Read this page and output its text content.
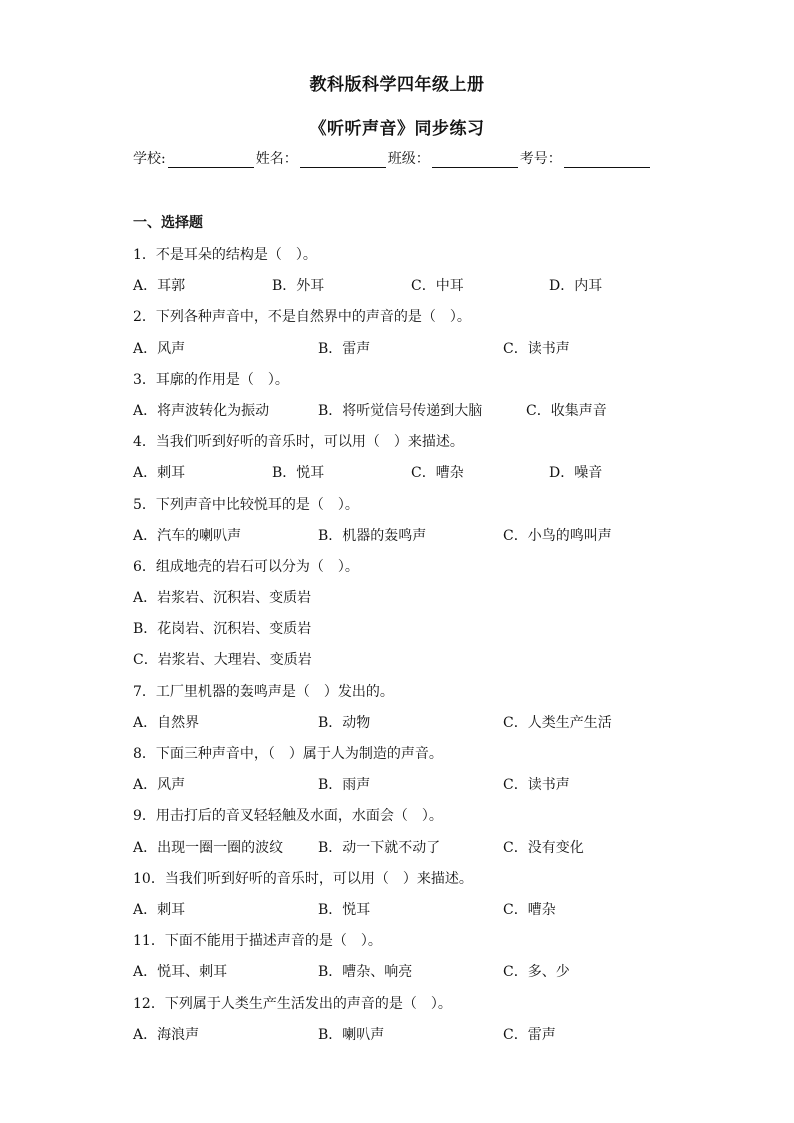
教科版科学四年级上册
《听听声音》同步练习
学校:	姓名：	班级：	考号：
一、选择题
1．不是耳朵的结构是（　）。
A．耳郭	B．外耳	C．中耳	D．内耳
2．下列各种声音中，不是自然界中的声音的是（　）。
A．风声	B．雷声	C．读书声
3．耳廓的作用是（　）。
A．将声波转化为振动	B．将听觉信号传递到大脑	C．收集声音
4．当我们听到好听的音乐时，可以用（　）来描述。
A．刺耳	B．悦耳	C．嘈杂	D．噪音
5．下列声音中比较悦耳的是（　）。
A．汽车的喇叭声	B．机器的轰鸣声	C．小鸟的鸣叫声
6．组成地壳的岩石可以分为（　）。
A．岩浆岩、沉积岩、变质岩
B．花岗岩、沉积岩、变质岩
C．岩浆岩、大理岩、变质岩
7．工厂里机器的轰鸣声是（　）发出的。
A．自然界	B．动物	C．人类生产生活
8．下面三种声音中，（　）属于人为制造的声音。
A．风声	B．雨声	C．读书声
9．用击打后的音叉轻轻触及水面，水面会（　）。
A．出现一圈一圈的波纹 B．动一下就不动了	C．没有变化
10．当我们听到好听的音乐时，可以用（　）来描述。
A．刺耳	B．悦耳	C．嘈杂
11．下面不能用于描述声音的是（　）。
A．悦耳、刺耳	B．嘈杂、响亮	C．多、少
12．下列属于人类生产生活发出的声音的是（　）。
A．海浪声	B．喇叭声	C．雷声
